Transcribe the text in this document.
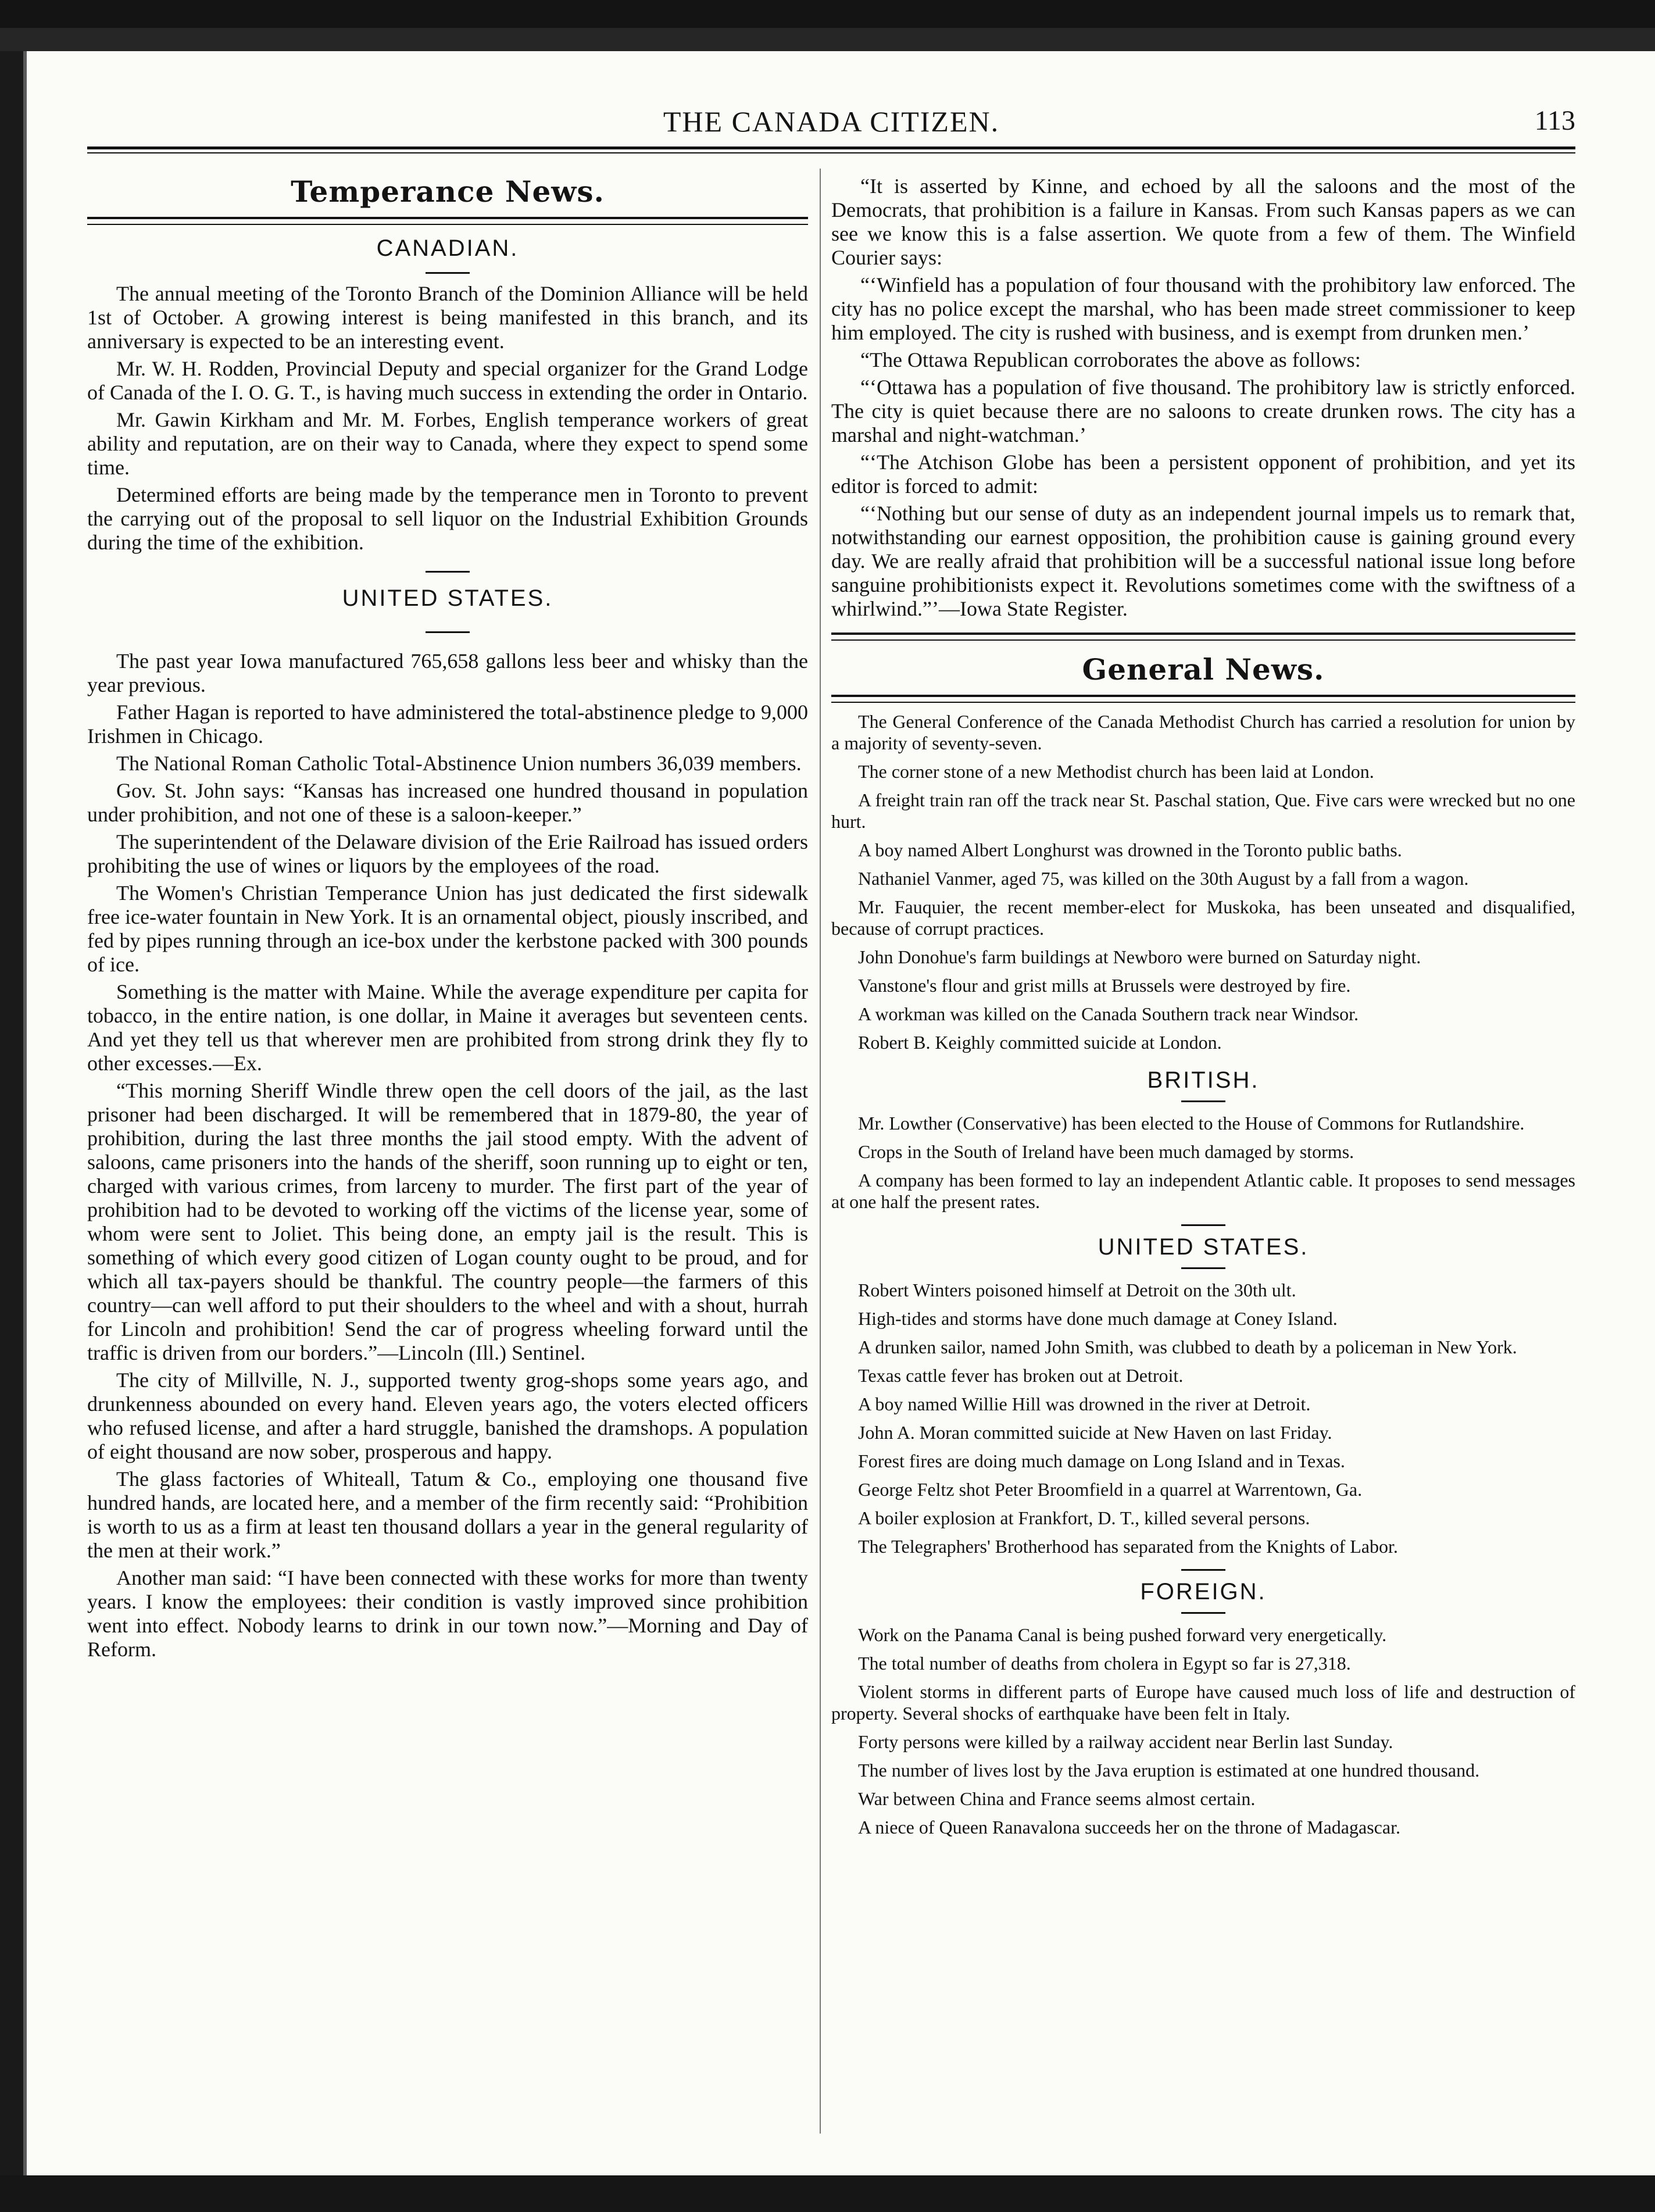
THE CANADA CITIZEN.	113
Temperance News.
CANADIAN.

The annual meeting of the Toronto Branch of the Dominion Alliance will be held 1st of October. A growing interest is being manifested in this branch, and its anniversary is expected to be an interesting event.

Mr. W. H. Rodden, Provincial Deputy and special organizer for the Grand Lodge of Canada of the I. O. G. T., is having much success in extending the order in Ontario.

Mr. Gawin Kirkham and Mr. M. Forbes, English temperance workers of great ability and reputation, are on their way to Canada, where they expect to spend some time.

Determined efforts are being made by the temperance men in Toronto to prevent the carrying out of the proposal to sell liquor on the Industrial Exhibition Grounds during the time of the exhibition.

UNITED STATES.

The past year Iowa manufactured 765,658 gallons less beer and whisky than the year previous.

Father Hagan is reported to have administered the total-abstinence pledge to 9,000 Irishmen in Chicago.

The National Roman Catholic Total-Abstinence Union numbers 36,039 members.

Gov. St. John says: “Kansas has increased one hundred thousand in population under prohibition, and not one of these is a saloon-keeper.”

The superintendent of the Delaware division of the Erie Railroad has issued orders prohibiting the use of wines or liquors by the employees of the road.

The Women's Christian Temperance Union has just dedicated the first sidewalk free ice-water fountain in New York. It is an ornamental object, piously inscribed, and fed by pipes running through an ice-box under the kerbstone packed with 300 pounds of ice.

Something is the matter with Maine. While the average expenditure per capita for tobacco, in the entire nation, is one dollar, in Maine it averages but seventeen cents. And yet they tell us that wherever men are prohibited from strong drink they fly to other excesses.—Ex.

“This morning Sheriff Windle threw open the cell doors of the jail, as the last prisoner had been discharged. It will be remembered that in 1879-80, the year of prohibition, during the last three months the jail stood empty. With the advent of saloons, came prisoners into the hands of the sheriff, soon running up to eight or ten, charged with various crimes, from larceny to murder. The first part of the year of prohibition had to be devoted to working off the victims of the license year, some of whom were sent to Joliet. This being done, an empty jail is the result. This is something of which every good citizen of Logan county ought to be proud, and for which all tax-payers should be thankful. The country people—the farmers of this country—can well afford to put their shoulders to the wheel and with a shout, hurrah for Lincoln and prohibition! Send the car of progress wheeling forward until the traffic is driven from our borders.”—Lincoln (Ill.) Sentinel.

The city of Millville, N. J., supported twenty grog-shops some years ago, and drunkenness abounded on every hand. Eleven years ago, the voters elected officers who refused license, and after a hard struggle, banished the dramshops. A population of eight thousand are now sober, prosperous and happy.

The glass factories of Whiteall, Tatum & Co., employing one thousand five hundred hands, are located here, and a member of the firm recently said: “Prohibition is worth to us as a firm at least ten thousand dollars a year in the general regularity of the men at their work.”

Another man said: “I have been connected with these works for more than twenty years. I know the employees: their condition is vastly improved since prohibition went into effect. Nobody learns to drink in our town now.”—Morning and Day of Reform.

“It is asserted by Kinne, and echoed by all the saloons and the most of the Democrats, that prohibition is a failure in Kansas. From such Kansas papers as we can see we know this is a false assertion. We quote from a few of them. The Winfield Courier says:

“‘Winfield has a population of four thousand with the prohibitory law enforced. The city has no police except the marshal, who has been made street commissioner to keep him employed. The city is rushed with business, and is exempt from drunken men.’

“The Ottawa Republican corroborates the above as follows:

“‘Ottawa has a population of five thousand. The prohibitory law is strictly enforced. The city is quiet because there are no saloons to create drunken rows. The city has a marshal and night-watchman.’

“‘The Atchison Globe has been a persistent opponent of prohibition, and yet its editor is forced to admit:

“‘Nothing but our sense of duty as an independent journal impels us to remark that, notwithstanding our earnest opposition, the prohibition cause is gaining ground every day. We are really afraid that prohibition will be a successful national issue long before sanguine prohibitionists expect it. Revolutions sometimes come with the swiftness of a whirlwind.”’—Iowa State Register.

General News.

The General Conference of the Canada Methodist Church has carried a resolution for union by a majority of seventy-seven.

The corner stone of a new Methodist church has been laid at London.

A freight train ran off the track near St. Paschal station, Que. Five cars were wrecked but no one hurt.

A boy named Albert Longhurst was drowned in the Toronto public baths.

Nathaniel Vanmer, aged 75, was killed on the 30th August by a fall from a wagon.

Mr. Fauquier, the recent member-elect for Muskoka, has been unseated and disqualified, because of corrupt practices.

John Donohue's farm buildings at Newboro were burned on Saturday night.

Vanstone's flour and grist mills at Brussels were destroyed by fire.

A workman was killed on the Canada Southern track near Windsor.

Robert B. Keighly committed suicide at London.

BRITISH.

Mr. Lowther (Conservative) has been elected to the House of Commons for Rutlandshire.

Crops in the South of Ireland have been much damaged by storms.

A company has been formed to lay an independent Atlantic cable. It proposes to send messages at one half the present rates.

UNITED STATES.

Robert Winters poisoned himself at Detroit on the 30th ult.

High-tides and storms have done much damage at Coney Island.

A drunken sailor, named John Smith, was clubbed to death by a policeman in New York.

Texas cattle fever has broken out at Detroit.

A boy named Willie Hill was drowned in the river at Detroit.

John A. Moran committed suicide at New Haven on last Friday.

Forest fires are doing much damage on Long Island and in Texas.

George Feltz shot Peter Broomfield in a quarrel at Warrentown, Ga.

A boiler explosion at Frankfort, D. T., killed several persons.

The Telegraphers' Brotherhood has separated from the Knights of Labor.

FOREIGN.

Work on the Panama Canal is being pushed forward very energetically.

The total number of deaths from cholera in Egypt so far is 27,318.

Violent storms in different parts of Europe have caused much loss of life and destruction of property. Several shocks of earthquake have been felt in Italy.

Forty persons were killed by a railway accident near Berlin last Sunday.

The number of lives lost by the Java eruption is estimated at one hundred thousand.

War between China and France seems almost certain.

A niece of Queen Ranavalona succeeds her on the throne of Madagascar.
